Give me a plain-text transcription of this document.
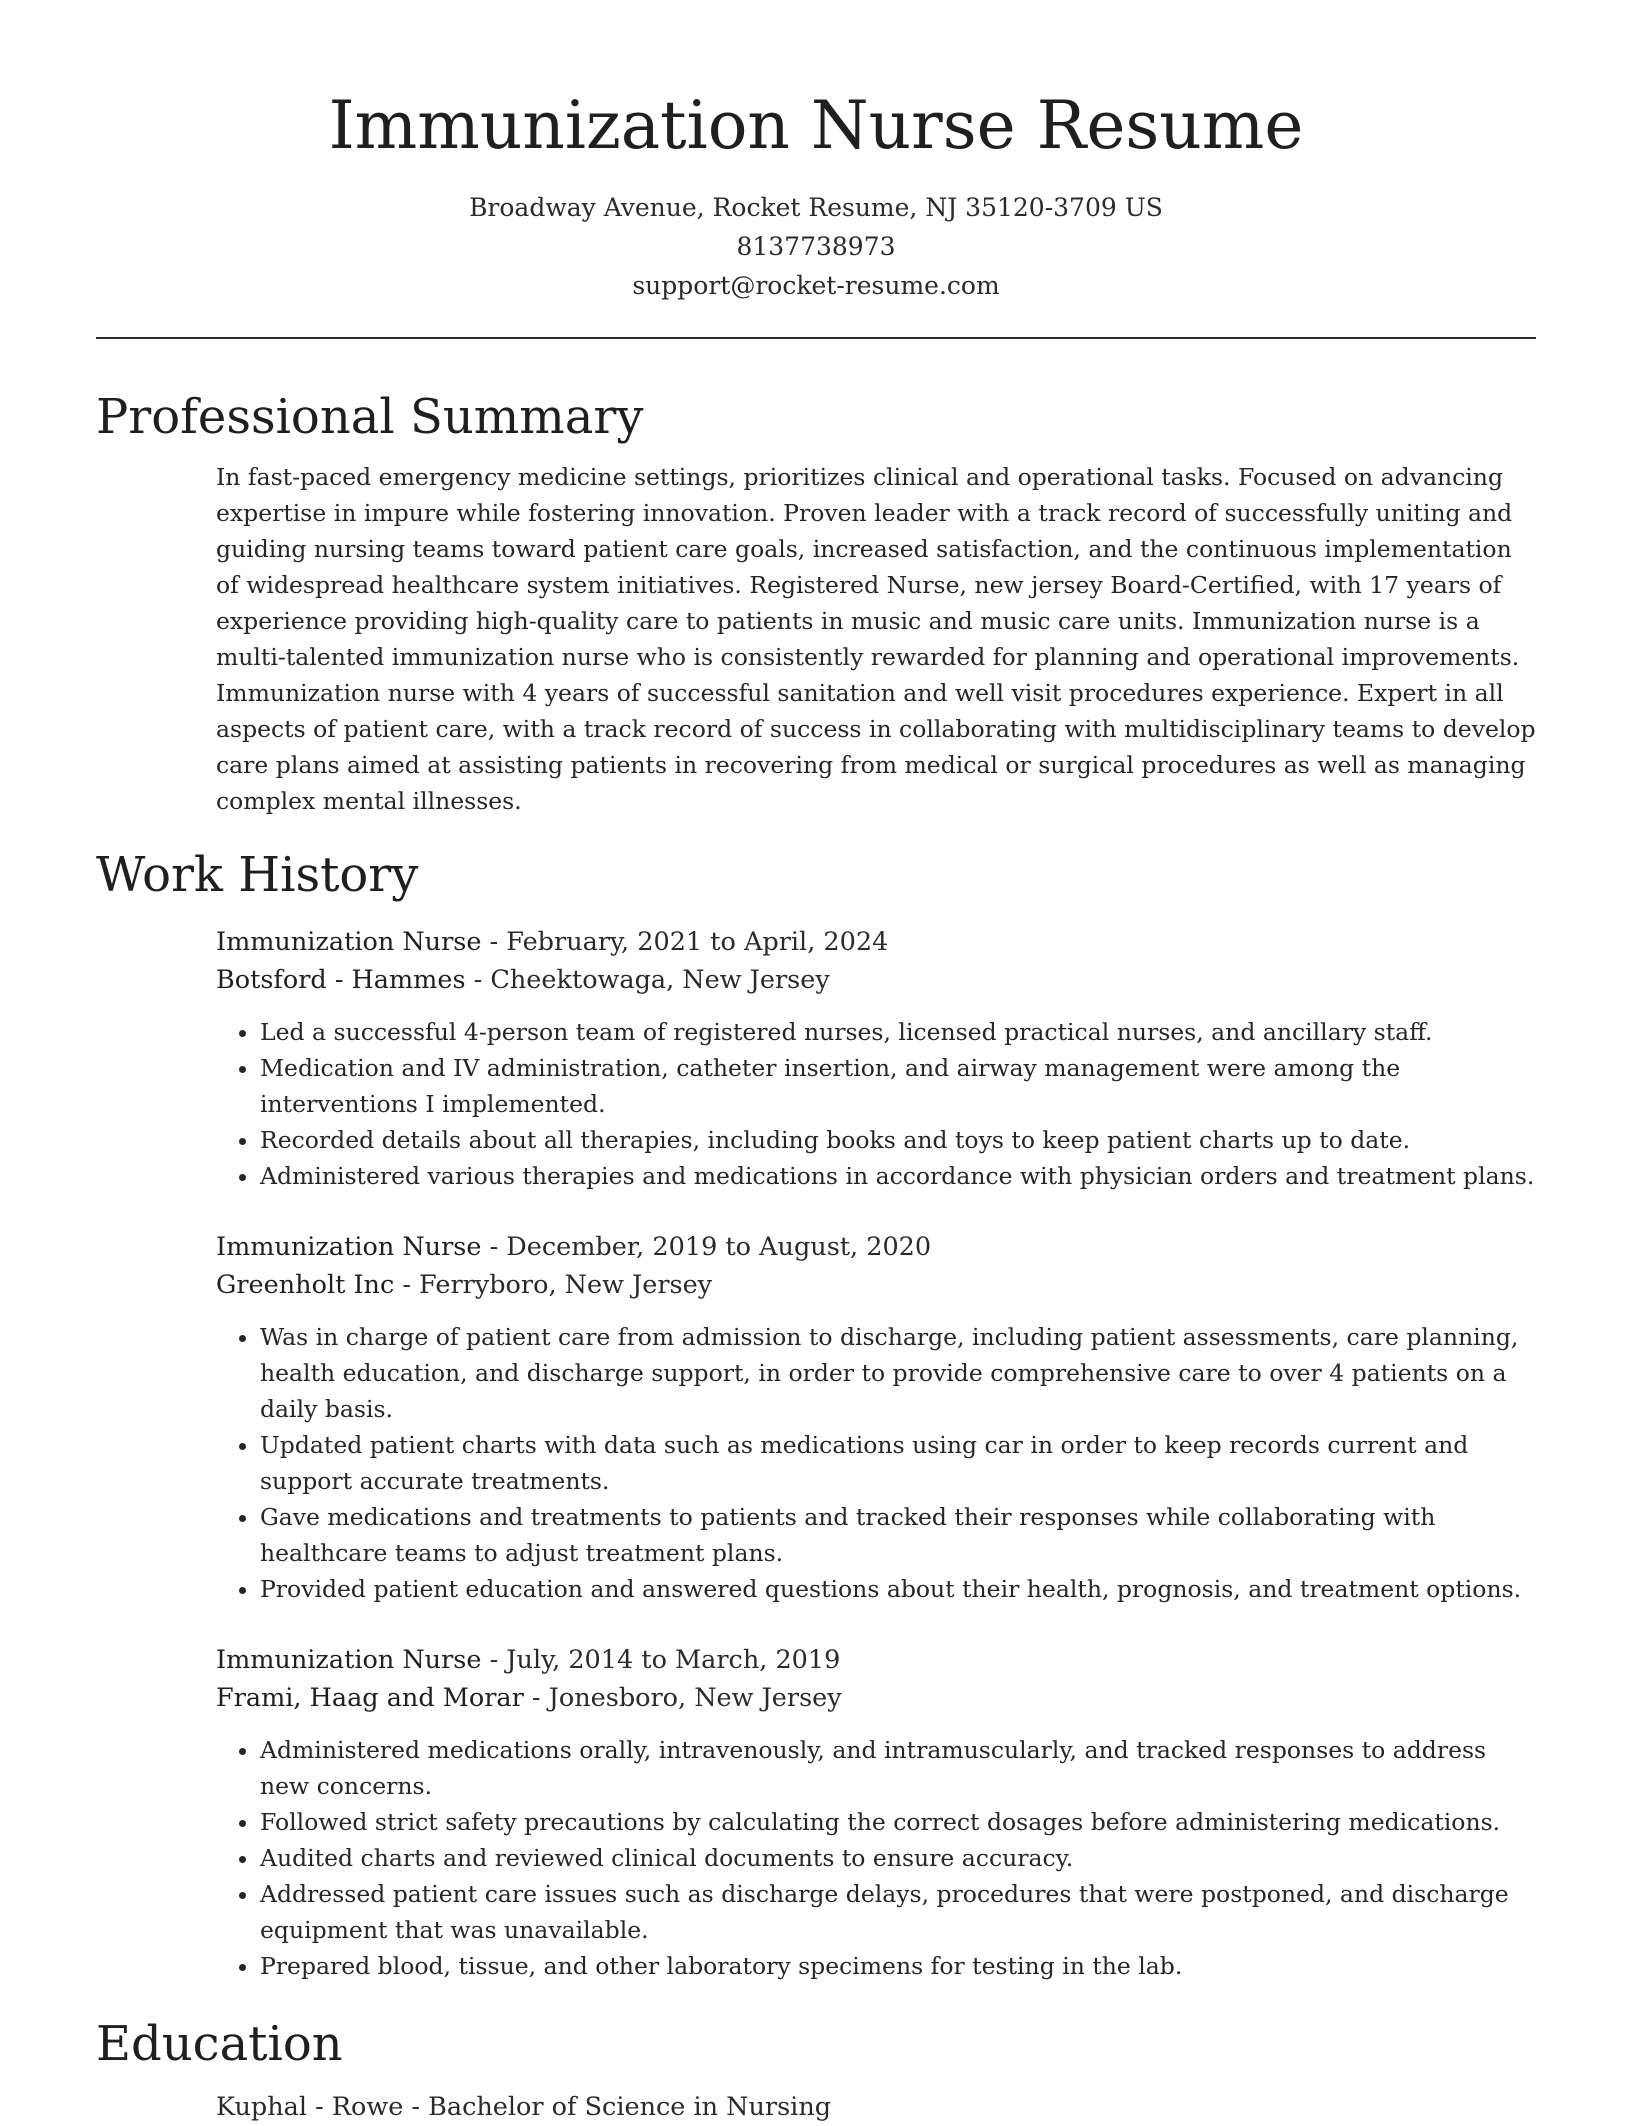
Immunization Nurse Resume
Broadway Avenue, Rocket Resume, NJ 35120-3709 US
8137738973
support@rocket-resume.com
Professional Summary

In fast-paced emergency medicine settings, prioritizes clinical and operational tasks. Focused on advancing expertise in impure while fostering innovation. Proven leader with a track record of successfully uniting and guiding nursing teams toward patient care goals, increased satisfaction, and the continuous implementation of widespread healthcare system initiatives. Registered Nurse, new jersey Board-Certified, with 17 years of experience providing high-quality care to patients in music and music care units. Immunization nurse is a multi-talented immunization nurse who is consistently rewarded for planning and operational improvements. Immunization nurse with 4 years of successful sanitation and well visit procedures experience. Expert in all aspects of patient care, with a track record of success in collaborating with multidisciplinary teams to develop care plans aimed at assisting patients in recovering from medical or surgical procedures as well as managing complex mental illnesses.

Work History
Immunization Nurse - February, 2021 to April, 2024
Botsford - Hammes - Cheektowaga, New Jersey
• Led a successful 4-person team of registered nurses, licensed practical nurses, and ancillary staff.
• Medication and IV administration, catheter insertion, and airway management were among the interventions I implemented.
• Recorded details about all therapies, including books and toys to keep patient charts up to date.
• Administered various therapies and medications in accordance with physician orders and treatment plans.
Immunization Nurse - December, 2019 to August, 2020
Greenholt Inc - Ferryboro, New Jersey
• Was in charge of patient care from admission to discharge, including patient assessments, care planning, health education, and discharge support, in order to provide comprehensive care to over 4 patients on a daily basis.
• Updated patient charts with data such as medications using car in order to keep records current and support accurate treatments.
• Gave medications and treatments to patients and tracked their responses while collaborating with healthcare teams to adjust treatment plans.
• Provided patient education and answered questions about their health, prognosis, and treatment options.
Immunization Nurse - July, 2014 to March, 2019
Frami, Haag and Morar - Jonesboro, New Jersey
• Administered medications orally, intravenously, and intramuscularly, and tracked responses to address new concerns.
• Followed strict safety precautions by calculating the correct dosages before administering medications.
• Audited charts and reviewed clinical documents to ensure accuracy.
• Addressed patient care issues such as discharge delays, procedures that were postponed, and discharge equipment that was unavailable.
• Prepared blood, tissue, and other laboratory specimens for testing in the lab.
Education
Kuphal - Rowe - Bachelor of Science in Nursing
